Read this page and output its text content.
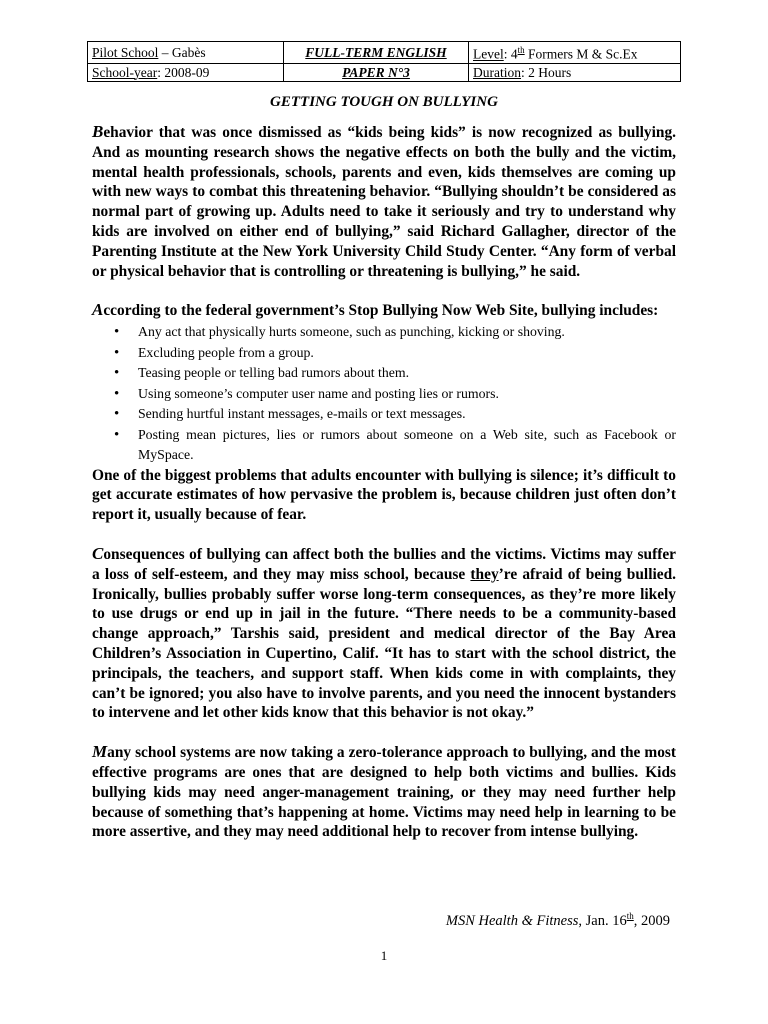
Pilot School – Gabès	FULL-TERM ENGLISH	Level: 4th Formers M & Sc.Ex
School-year: 2008-09	PAPER N°3	Duration: 2 Hours
GETTING TOUGH ON BULLYING

Behavior that was once dismissed as “kids being kids” is now recognized as bullying. And as mounting research shows the negative effects on both the bully and the victim, mental health professionals, schools, parents and even, kids themselves are coming up with new ways to combat this threatening behavior. “Bullying shouldn’t be considered as normal part of growing up. Adults need to take it seriously and try to understand why kids are involved on either end of bullying,” said Richard Gallagher, director of the Parenting Institute at the New York University Child Study Center. “Any form of verbal or physical behavior that is controlling or threatening is bullying,” he said.

According to the federal government’s Stop Bullying Now Web Site, bullying includes:

• Any act that physically hurts someone, such as punching, kicking or shoving.
• Excluding people from a group.
• Teasing people or telling bad rumors about them.
• Using someone’s computer user name and posting lies or rumors.
• Sending hurtful instant messages, e-mails or text messages.
• Posting mean pictures, lies or rumors about someone on a Web site, such as Facebook or MySpace.

One of the biggest problems that adults encounter with bullying is silence; it’s difficult to get accurate estimates of how pervasive the problem is, because children just often don’t report it, usually because of fear.

Consequences of bullying can affect both the bullies and the victims. Victims may suffer a loss of self-esteem, and they may miss school, because they’re afraid of being bullied. Ironically, bullies probably suffer worse long-term consequences, as they’re more likely to use drugs or end up in jail in the future. “There needs to be a community-based change approach,” Tarshis said, president and medical director of the Bay Area Children’s Association in Cupertino, Calif. “It has to start with the school district, the principals, the teachers, and support staff. When kids come in with complaints, they can’t be ignored; you also have to involve parents, and you need the innocent bystanders to intervene and let other kids know that this behavior is not okay.”

Many school systems are now taking a zero-tolerance approach to bullying, and the most effective programs are ones that are designed to help both victims and bullies. Kids bullying kids may need anger-management training, or they may need further help because of something that’s happening at home. Victims may need help in learning to be more assertive, and they may need additional help to recover from intense bullying.

MSN Health & Fitness, Jan. 16th, 2009
1
